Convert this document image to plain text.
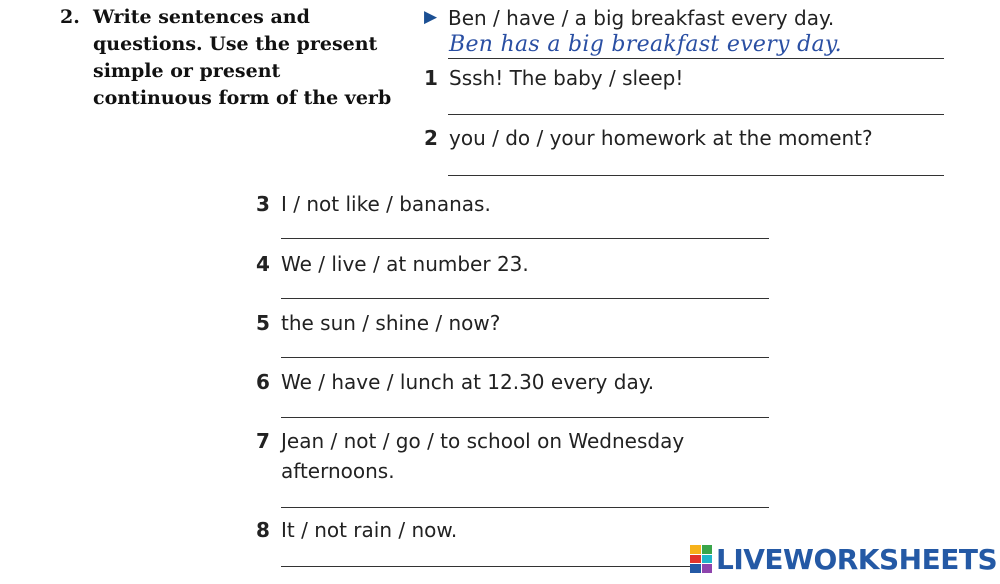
2. Write sentences and questions. Use the present simple or present continuous form of the verb
▶ Ben / have / a big breakfast every day.
Ben has a big breakfast every day.
1 Sssh! The baby / sleep!
2 you / do / your homework at the moment?
3 I / not like / bananas.
4 We / live / at number 23.
5 the sun / shine / now?
6 We / have / lunch at 12.30 every day.
7 Jean / not / go / to school on Wednesday
afternoons.
8 It / not rain / now.
LIVEWORKSHEETS
